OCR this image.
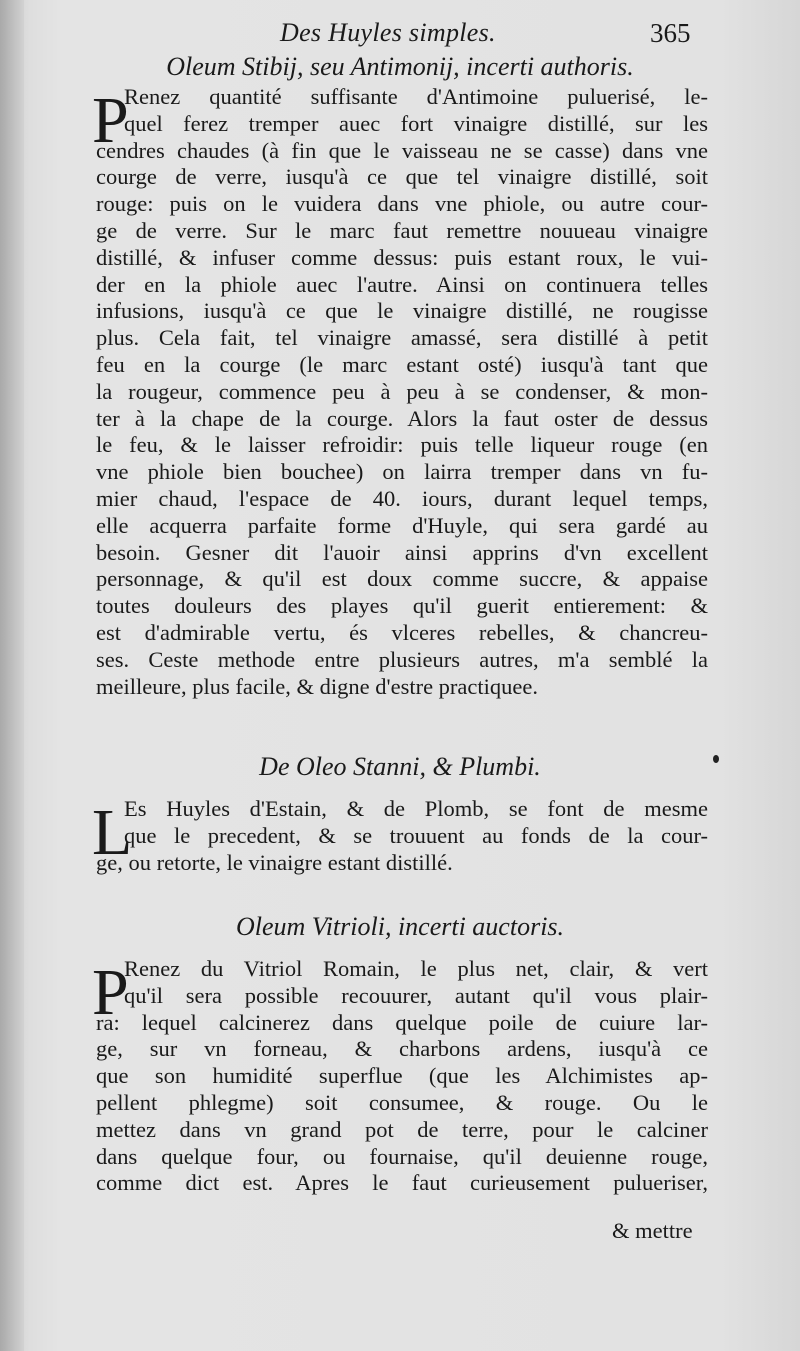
Des Huyles simples.	365
Oleum Stibij, seu Antimonij, incerti authoris.
P
Renez quantité suffisante d'Antimoine puluerisé, le-
quel ferez tremper auec fort vinaigre distillé, sur les
cendres chaudes (à fin que le vaisseau ne se casse) dans vne
courge de verre, iusqu'à ce que tel vinaigre distillé, soit
rouge: puis on le vuidera dans vne phiole, ou autre cour-
ge de verre. Sur le marc faut remettre nouueau vinaigre
distillé, & infuser comme dessus: puis estant roux, le vui-
der en la phiole auec l'autre. Ainsi on continuera telles
infusions, iusqu'à ce que le vinaigre distillé, ne rougisse
plus. Cela fait, tel vinaigre amassé, sera distillé à petit
feu en la courge (le marc estant osté) iusqu'à tant que
la rougeur, commence peu à peu à se condenser, & mon-
ter à la chape de la courge. Alors la faut oster de dessus
le feu, & le laisser refroidir: puis telle liqueur rouge (en
vne phiole bien bouchee) on lairra tremper dans vn fu-
mier chaud, l'espace de 40. iours, durant lequel temps,
elle acquerra parfaite forme d'Huyle, qui sera gardé au
besoin. Gesner dit l'auoir ainsi apprins d'vn excellent
personnage, & qu'il est doux comme succre, & appaise
toutes douleurs des playes qu'il guerit entierement: &
est d'admirable vertu, és vlceres rebelles, & chancreu-
ses. Ceste methode entre plusieurs autres, m'a semblé la
meilleure, plus facile, & digne d'estre practiquee.
De Oleo Stanni, & Plumbi.
L
Es Huyles d'Estain, & de Plomb, se font de mesme
que le precedent, & se trouuent au fonds de la cour-
ge, ou retorte, le vinaigre estant distillé.
Oleum Vitrioli, incerti auctoris.
P
Renez du Vitriol Romain, le plus net, clair, & vert
qu'il sera possible recouurer, autant qu'il vous plair-
ra: lequel calcinerez dans quelque poile de cuiure lar-
ge, sur vn forneau, & charbons ardens, iusqu'à ce
que son humidité superflue (que les Alchimistes ap-
pellent phlegme) soit consumee, & rouge. Ou le
mettez dans vn grand pot de terre, pour le calciner
dans quelque four, ou fournaise, qu'il deuienne rouge,
comme dict est. Apres le faut curieusement pulueriser,
& mettre
